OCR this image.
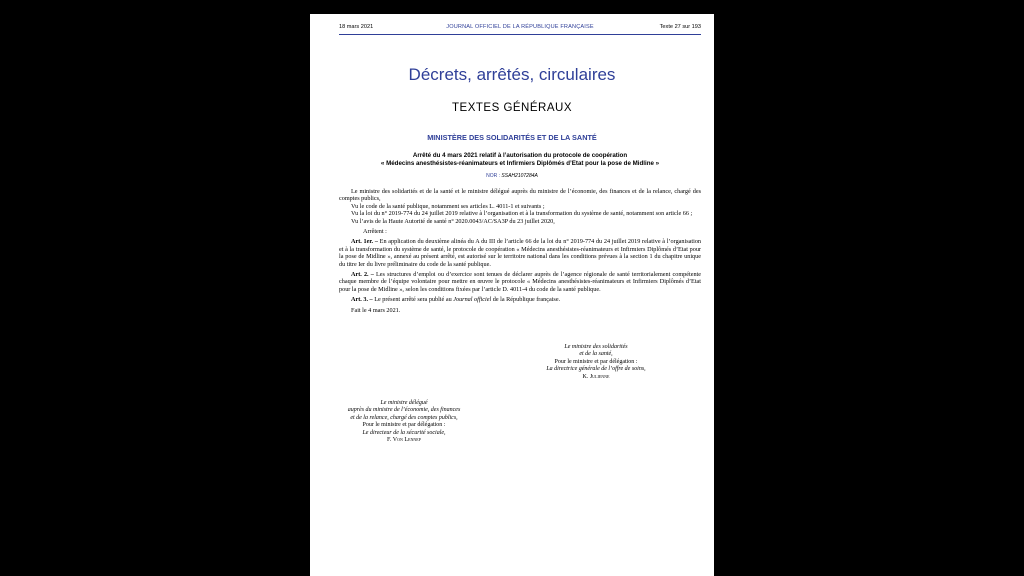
18 mars 2021	JOURNAL OFFICIEL DE LA RÉPUBLIQUE FRANÇAISE	Texte 27 sur 193
Décrets, arrêtés, circulaires
TEXTES GÉNÉRAUX
MINISTÈRE DES SOLIDARITÉS ET DE LA SANTÉ
Arrêté du 4 mars 2021 relatif à l’autorisation du protocole de coopération
« Médecins anesthésistes-réanimateurs et Infirmiers Diplômés d’Etat pour la pose de Midline »
NOR : SSAH2107284A

Le ministre des solidarités et de la santé et le ministre délégué auprès du ministre de l’économie, des finances et de la relance, chargé des comptes publics,

Vu le code de la santé publique, notamment ses articles L. 4011-1 et suivants ;

Vu la loi du n° 2019-774 du 24 juillet 2019 relative à l’organisation et à la transformation du système de santé, notamment son article 66 ;

Vu l’avis de la Haute Autorité de santé n° 2020.0043/AC/SA3P du 23 juillet 2020,

Arrêtent :

Art. 1er. – En application du deuxième alinéa du A du III de l’article 66 de la loi du n° 2019-774 du 24 juillet 2019 relative à l’organisation et à la transformation du système de santé, le protocole de coopération « Médecins anesthésistes-réanimateurs et Infirmiers Diplômés d’Etat pour la pose de Midline », annexé au présent arrêté, est autorisé sur le territoire national dans les conditions prévues à la section 1 du chapitre unique du titre Ier du livre préliminaire du code de la santé publique.

Art. 2. – Les structures d’emploi ou d’exercice sont tenues de déclarer auprès de l’agence régionale de santé territorialement compétente chaque membre de l’équipe volontaire pour mettre en œuvre le protocole « Médecins anesthésistes-réanimateurs et Infirmiers Diplômés d’Etat pour la pose de Midline », selon les conditions fixées par l’article D. 4011-4 du code de la santé publique.

Art. 3. – Le présent arrêté sera publié au Journal officiel de la République française.

Fait le 4 mars 2021.

Le ministre des solidarités
et de la santé,
Pour le ministre et par délégation :
La directrice générale de l’offre de soins,
K. Julienne
Le ministre délégué
auprès du ministre de l’économie, des finances
et de la relance, chargé des comptes publics,
Pour le ministre et par délégation :
Le directeur de la sécurité sociale,
F. Von Lennep
